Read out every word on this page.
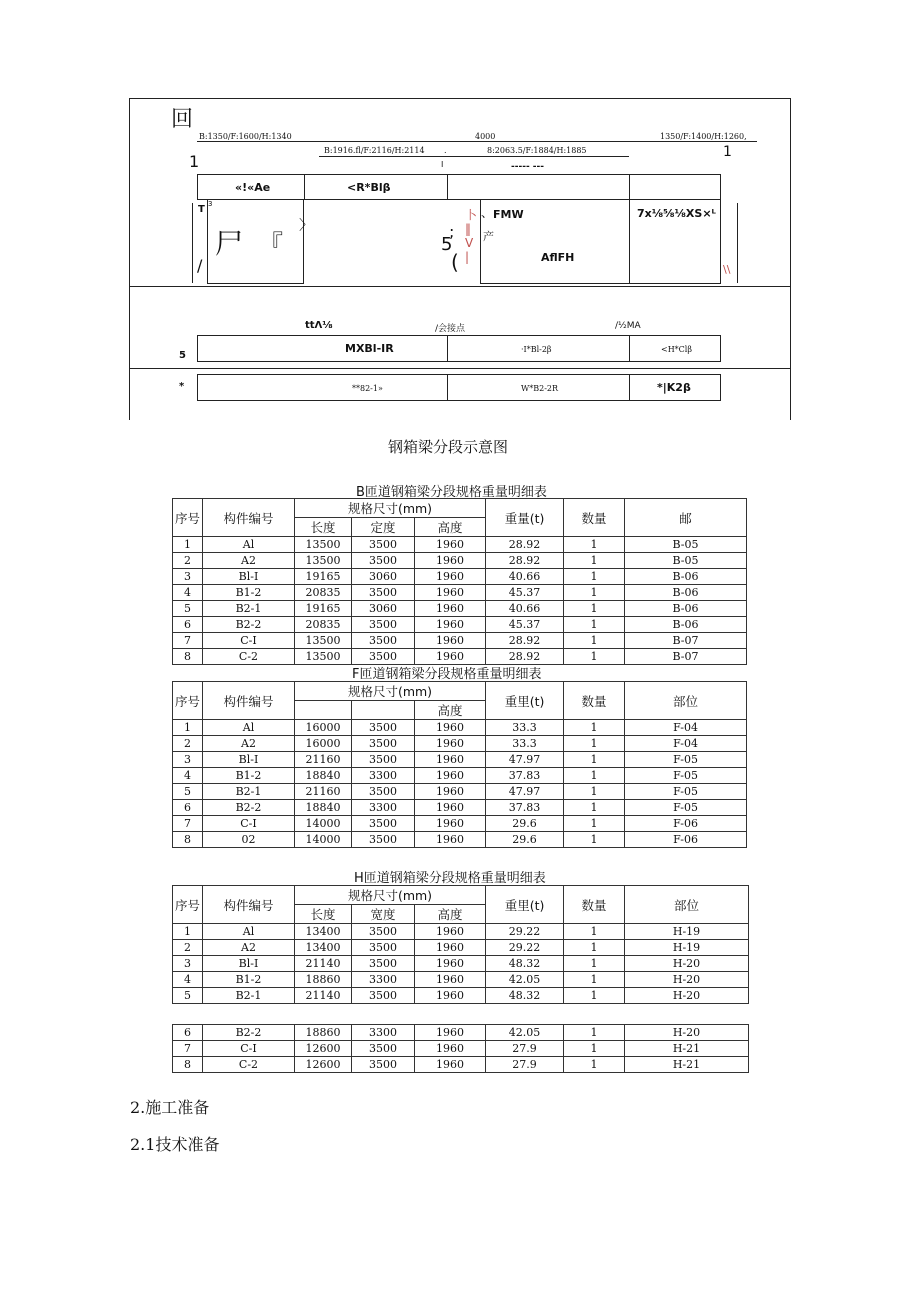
回
B:1350/F:1600/H:1340	4000	1350/F:1400/H:1260,
B:1916.fl/F:2116/H:2114 .	8:2063.5/F:1884/H:1885
1	1
I	----- ---
«!«Ae	<R*Blβ
T 3
尸 『
/
〉
5
;
(
卜
‖
V
|
、 FMW
产
AflFH
7x⅛⅝⅛XS×ᴸ
\\
ttΛ⅛	/会接点	/½MA
5
MXBl-IR	·I*Bl-2β	<H*Clβ
*	**82-1»	W*B2-2R	*|K2β
钢箱梁分段示意图
B匝道钢箱梁分段规格重量明细表
序号	构件编号	规格尺寸(mm)			重量(t)	数量	邮
		长度	定度	高度			
1	Al	13500	3500	1960	28.92	1	B-05
2	A2	13500	3500	1960	28.92	1	B-05
3	Bl-I	19165	3060	1960	40.66	1	B-06
4	B1-2	20835	3500	1960	45.37	1	B-06
5	B2-1	19165	3060	1960	40.66	1	B-06
6	B2-2	20835	3500	1960	45.37	1	B-06
7	C-I	13500	3500	1960	28.92	1	B-07
8	C-2	13500	3500	1960	28.92	1	B-07
F匝道钢箱梁分段规格重量明细表
序号	构件编号	规格尺寸(mm)			重里(t)	数量	部位
				高度			
1	Al	16000	3500	1960	33.3	1	F-04
2	A2	16000	3500	1960	33.3	1	F-04
3	Bl-I	21160	3500	1960	47.97	1	F-05
4	B1-2	18840	3300	1960	37.83	1	F-05
5	B2-1	21160	3500	1960	47.97	1	F-05
6	B2-2	18840	3300	1960	37.83	1	F-05
7	C-I	14000	3500	1960	29.6	1	F-06
8	02	14000	3500	1960	29.6	1	F-06
H匝道钢箱梁分段规格重量明细表
序号	构件编号	规格尺寸(mm)			重里(t)	数量	部位
		长度	宽度	高度			
1	Al	13400	3500	1960	29.22	1	H-19
2	A2	13400	3500	1960	29.22	1	H-19
3	Bl-I	21140	3500	1960	48.32	1	H-20
4	B1-2	18860	3300	1960	42.05	1	H-20
5	B2-1	21140	3500	1960	48.32	1	H-20
6	B2-2	18860	3300	1960	42.05	1	H-20
7	C-I	12600	3500	1960	27.9	1	H-21
8	C-2	12600	3500	1960	27.9	1	H-21
2.施工准备
2.1技术准备
